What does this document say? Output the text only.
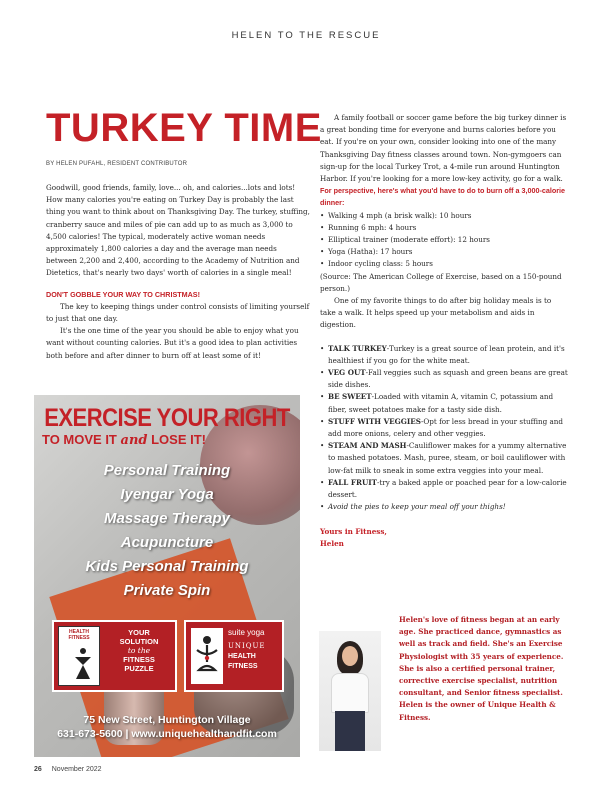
HELEN TO THE RESCUE
TURKEY TIME
BY HELEN PUFAHL, RESIDENT CONTRIBUTOR

Goodwill, good friends, family, love... oh, and calories...lots and lots! How many calories you're eating on Turkey Day is probably the last thing you want to think about on Thanksgiving Day. The turkey, stuffing, cranberry sauce and miles of pie can add up to as much as 3,000 to 4,500 calories! The typical, moderately active woman needs approximately 1,800 calories a day and the average man needs between 2,200 and 2,400, according to the Academy of Nutrition and Dietetics, that's nearly two days' worth of calories in a single meal!

DON'T GOBBLE YOUR WAY TO CHRISTMAS!

The key to keeping things under control consists of limiting yourself to just that one day.

It's the one time of the year you should be able to enjoy what you want without counting calories. But it's a good idea to plan activities both before and after dinner to burn off at least some of it!

A family football or soccer game before the big turkey dinner is a great bonding time for everyone and burns calories before you eat. If you're on your own, consider looking into one of the many Thanksgiving Day fitness classes around town. Non-gymgoers can sign-up for the local Turkey Trot, a 4-mile run around Huntington Harbor. If you're looking for a more low-key activity, go for a walk.

For perspective, here's what you'd have to do to burn off a 3,000-calorie dinner:

• Walking 4 mph (a brisk walk): 10 hours
• Running 6 mph: 4 hours
• Elliptical trainer (moderate effort): 12 hours
• Yoga (Hatha): 17 hours
• Indoor cycling class: 5 hours

(Source: The American College of Exercise, based on a 150-pound person.)

One of my favorite things to do after big holiday meals is to take a walk. It helps speed up your metabolism and aids in digestion.

• TALK TURKEY-Turkey is a great source of lean protein, and it's healthiest if you go for the white meat.
• VEG OUT-Fall veggies such as squash and green beans are great side dishes.
• BE SWEET-Loaded with vitamin A, vitamin C, potassium and fiber, sweet potatoes make for a tasty side dish.
• STUFF WITH VEGGIES-Opt for less bread in your stuffing and add more onions, celery and other veggies.
• STEAM AND MASH-Cauliflower makes for a yummy alternative to mashed potatoes. Mash, puree, steam, or boil cauliflower with low-fat milk to sneak in some extra veggies into your meal.
• FALL FRUIT-try a baked apple or poached pear for a low-calorie dessert.
• Avoid the pies to keep your meal off your thighs!
Yours in Fitness,
Helen
EXERCISE YOUR RIGHT
TO MOVE IT and LOSE IT!
Personal Training
Iyengar Yoga
Massage Therapy
Acupuncture
Kids Personal Training
Private Spin
HEALTH
FITNESS
YOUR
SOLUTION
to the
FITNESS
PUZZLE
suite yoga
UNIQUE
HEALTH
FITNESS
75 New Street, Huntington Village
631-673-5600 | www.uniquehealthandfit.com
Helen's love of fitness began at an early age. She practiced dance, gymnastics as well as track and field. She's an Exercise Physiologist with 35 years of experience. She is also a certified personal trainer, corrective exercise specialist, nutrition consultant, and Senior fitness specialist. Helen is the owner of Unique Health & Fitness.
26 November 2022
